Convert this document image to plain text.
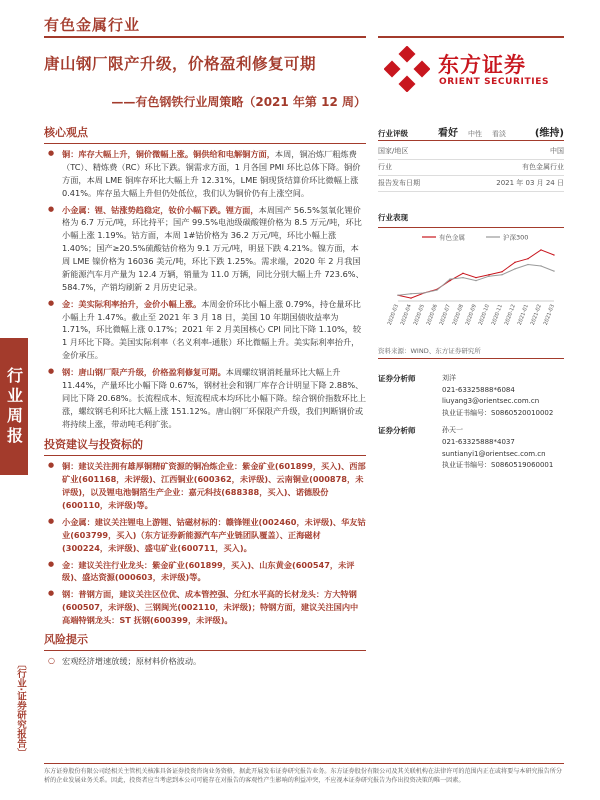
有色金属行业
唐山钢厂限产升级，价格盈利修复可期
——有色钢铁行业周策略（2021 年第 12 周）
东方证券
ORIENT SECURITIES
行业周报
〔行业·证券研究报告〕
核心观点
● 铜：库存大幅上升，铜价微幅上涨。铜供给和电解铜方面，本周，铜冶炼厂粗炼费（TC）、精炼费（RC）环比下跌。铜需求方面，1 月各国 PMI 环比总体下降。铜价方面，本周 LME 铜库存环比大幅上升 12.31%，LME 铜现货结算价环比微幅上涨 0.41%。库存虽大幅上升但仍处低位，我们认为铜价仍有上涨空间。
● 小金属：锂、钴涨势趋稳定，钕价小幅下跌。锂方面，本周国产 56.5%氢氧化锂价格为 6.7 万元/吨，环比持平；国产 99.5%电池级碳酸锂价格为 8.5 万元/吨，环比小幅上涨 1.19%。钴方面，本周 1#钴价格为 36.2 万元/吨，环比小幅上涨 1.40%；国产≥20.5%硫酸钴价格为 9.1 万元/吨，明显下跌 4.21%。镍方面，本周 LME 镍价格为 16036 美元/吨，环比下跌 1.25%。需求端，2020 年 2 月我国新能源汽车月产量为 12.4 万辆，销量为 11.0 万辆，同比分别大幅上升 723.6%、584.7%，产销均刷新 2 月历史记录。
● 金：美实际利率抬升，金价小幅上涨。本周金价环比小幅上涨 0.79%，持仓量环比小幅上升 1.47%。截止至 2021 年 3 月 18 日，美国 10 年期国债收益率为 1.71%，环比微幅上涨 0.17%；2021 年 2 月美国核心 CPI 同比下降 1.10%，较 1 月环比下降。美国实际利率（名义利率-通胀）环比微幅上升。美实际利率抬升，金价承压。
● 钢：唐山钢厂限产升级，价格盈利修复可期。本周螺纹钢消耗量环比大幅上升 11.44%，产量环比小幅下降 0.67%，钢材社会和钢厂库存合计明显下降 2.88%、同比下降 20.68%。长流程成本、短流程成本均环比小幅下降。综合钢价指数环比上涨，螺纹钢毛利环比大幅上涨 151.12%。唐山钢厂环保限产升级，我们判断钢价或将持续上涨，带动吨毛利扩张。
投资建议与投资标的
● 铜：建议关注拥有雄厚铜精矿资源的铜冶炼企业：紫金矿业(601899，买入)、西部矿业(601168，未评级)、江西铜业(600362，未评级)、云南铜业(000878，未评级)，以及锂电池铜箔生产企业：嘉元科技(688388，买入)、诺德股份(600110，未评级)等。
● 小金属：建议关注锂电上游锂、钴磁材标的：赣锋锂业(002460，未评级)、华友钴业(603799，买入)（东方证券新能源汽车产业链团队覆盖）、正海磁材(300224，未评级)、盛屯矿业(600711，买入)。
● 金：建议关注行业龙头：紫金矿业(601899，买入)、山东黄金(600547，未评级)、盛达资源(000603，未评级)等。
● 钢：普钢方面，建议关注区位优、成本管控强、分红水平高的长材龙头：方大特钢(600507，未评级)、三钢闽光(002110，未评级)；特钢方面，建议关注国内中高端特钢龙头：ST 抚钢(600399，未评级)。
风险提示
○ 宏观经济增速放缓；原材料价格波动。
行业评级	看好	中性 看淡	(维持)
国家/地区	中国
行业	有色金属行业
报告发布日期	2021 年 03 月 24 日
行业表现
有色金属	沪深300
2020-03 2020-04 2020-05 2020-06 2020-07 2020-08 2020-09 2020-10 2020-11 2020-12 2021-01 2021-02 2021-03
资料来源：WIND、东方证券研究所
证券分析师	刘洋
021-63325888*6084
liuyang3@orientsec.com.cn
执业证书编号：S0860520010002
证券分析师	孙天一
021-63325888*4037
suntianyi1@orientsec.com.cn
执业证书编号：S0860519060001
东方证券股份有限公司经相关主管机关核准具备证券投资咨询业务资格，据此开展发布证券研究报告业务。东方证券股份有限公司及其关联机构在法律许可的范围内正在或将要与本研究报告所分析的企业发展业务关系。因此，投资者应当考虑到本公司可能存在对报告的客观性产生影响的利益冲突，不应视本证券研究报告为作出投资决策的唯一因素。
